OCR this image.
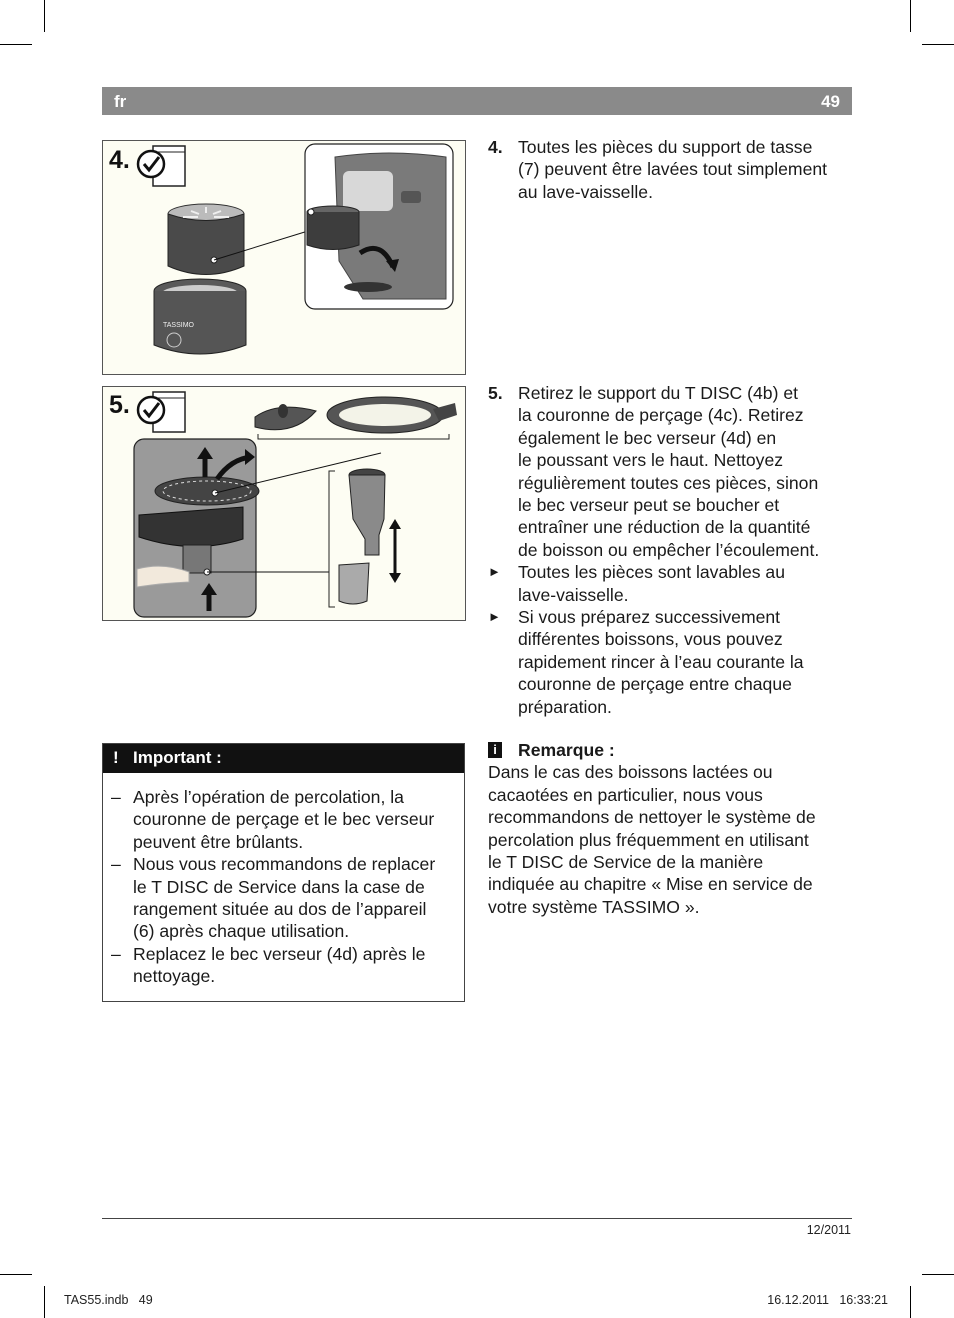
fr	49
4.
TASSIMO
5.
4. Toutes les pièces du support de tasse
(7) peuvent être lavées tout simplement
au lave-vaisselle.
5. Retirez le support du T DISC (4b) et
la couronne de perçage (4c). Retirez
également le bec verseur (4d) en
le poussant vers le haut. Nettoyez
régulièrement toutes ces pièces, sinon
le bec verseur peut se boucher et
entraîner une réduction de la quantité
de boisson ou empêcher l’écoulement.
► Toutes les pièces sont lavables au
lave-vaisselle.
► Si vous préparez successivement
différentes boissons, vous pouvez
rapidement rincer à l’eau courante la
couronne de perçage entre chaque
préparation.
! Important :
– Après l’opération de percolation, la
couronne de perçage et le bec verseur
peuvent être brûlants.
– Nous vous recommandons de replacer
le T DISC de Service dans la case de
rangement située au dos de l’appareil
(6) après chaque utilisation.
– Replacez le bec verseur (4d) après le
nettoyage.
i Remarque :
Dans le cas des boissons lactées ou
cacaotées en particulier, nous vous
recommandons de nettoyer le système de
percolation plus fréquemment en utilisant
le T DISC de Service de la manière
indiquée au chapitre « Mise en service de
votre système TASSIMO ».
12/2011
TAS55.indb   49	16.12.2011   16:33:21
